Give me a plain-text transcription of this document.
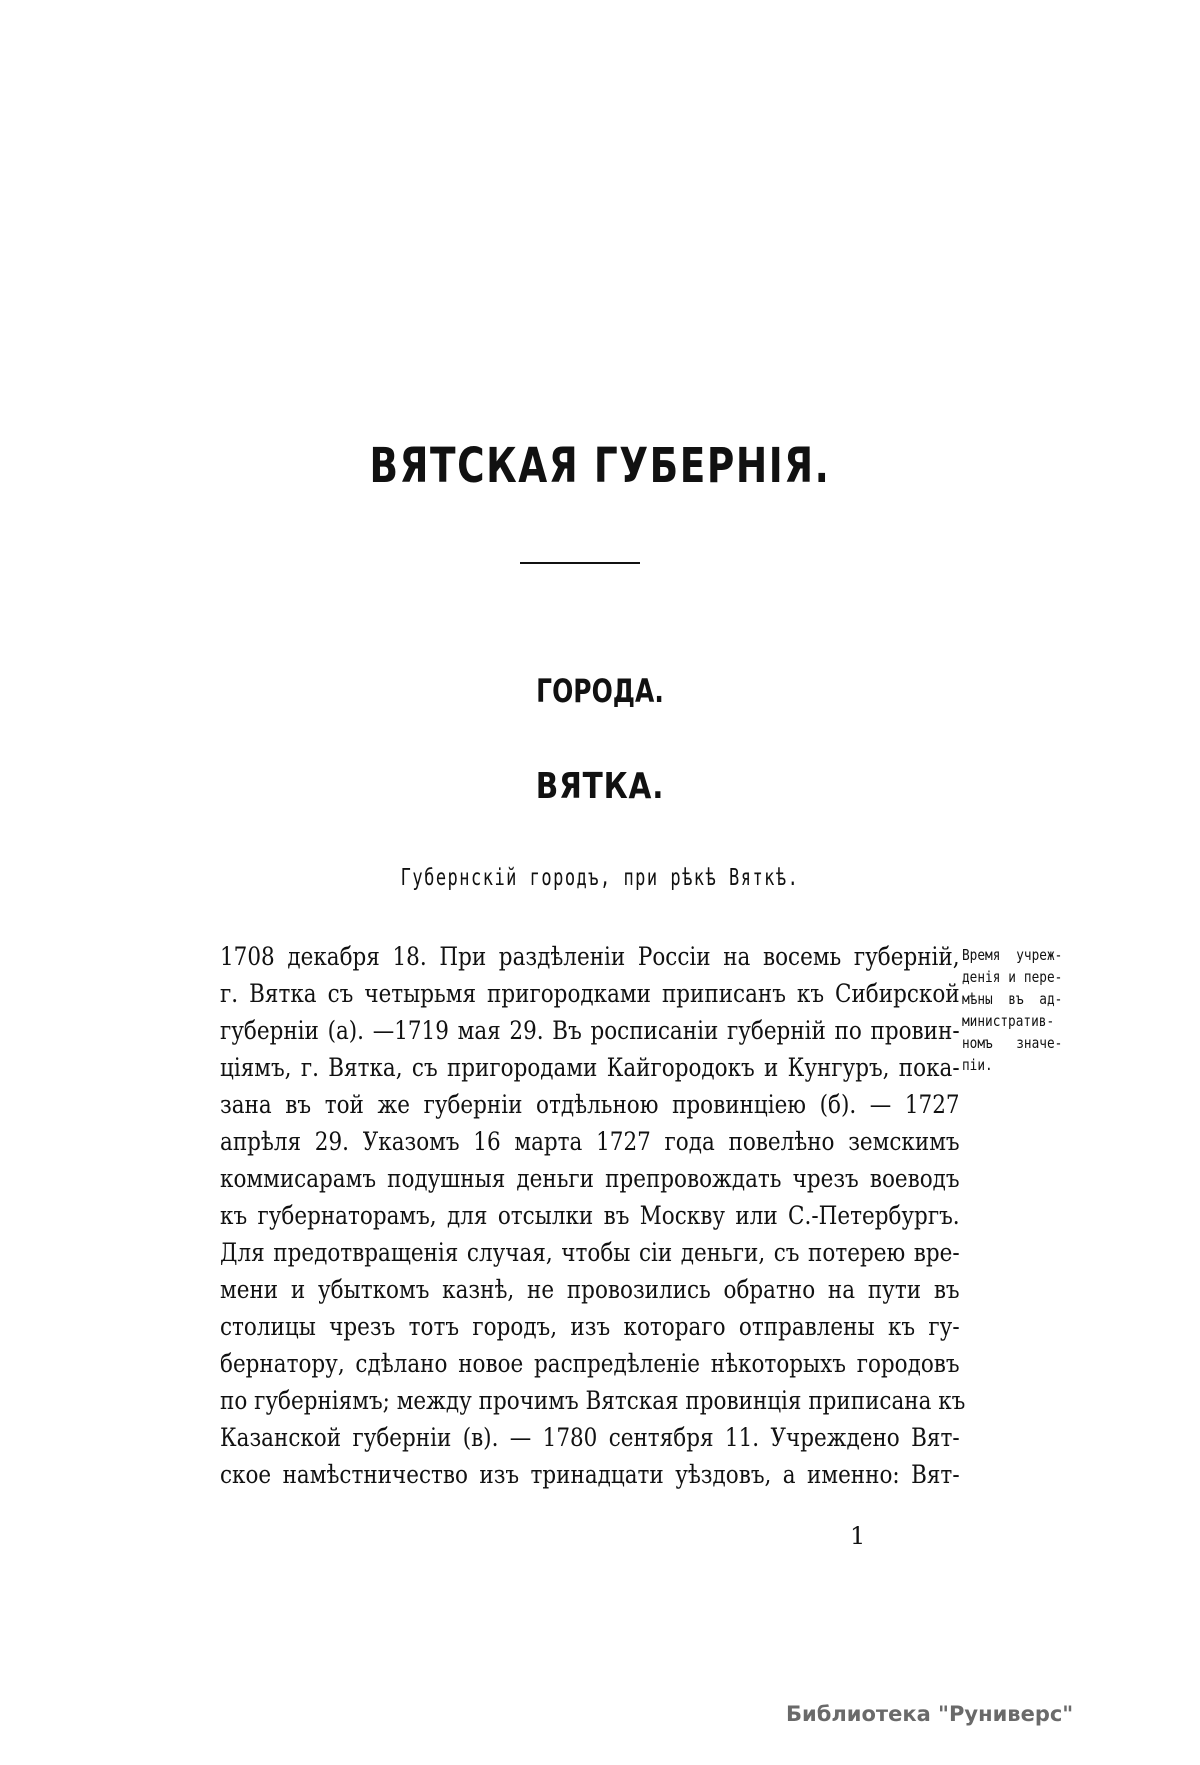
ВЯТСКАЯ ГУБЕРНІЯ.
ГОРОДА.
ВЯТКА.
Губернскій городъ, при рѣкѣ Вяткѣ.
1708 декабря 18. При раздѣленіи Россіи на восемь губерній,
г. Вятка съ четырьмя пригородками приписанъ къ Сибирской
губерніи (а). —1719 мая 29. Въ росписаніи губерній по провин-
ціямъ, г. Вятка, съ пригородами Кайгородокъ и Кунгуръ, пока-
зана въ той же губерніи отдѣльною провинціею (б). — 1727
апрѣля 29. Указомъ 16 марта 1727 года повелѣно земскимъ
коммисарамъ подушныя деньги препровождать чрезъ воеводъ
къ губернаторамъ, для отсылки въ Москву или С.-Петербургъ.
Для предотвращенія случая, чтобы сіи деньги, съ потерею вре-
мени и убыткомъ казнѣ, не провозились обратно на пути въ
столицы чрезъ тотъ городъ, изъ котораго отправлены къ гу-
бернатору, сдѣлано новое распредѣленіе нѣкоторыхъ городовъ
по губерніямъ; между прочимъ Вятская провинція приписана къ
Казанской губерніи (в). — 1780 сентября 11. Учреждено Вят-
ское намѣстничество изъ тринадцати уѣздовъ, а именно: Вят-
Время учреж-
денія и пере-
мѣны въ ад-
министратив-
номъ значе-
піи.
1
Библиотека "Руниверс"
